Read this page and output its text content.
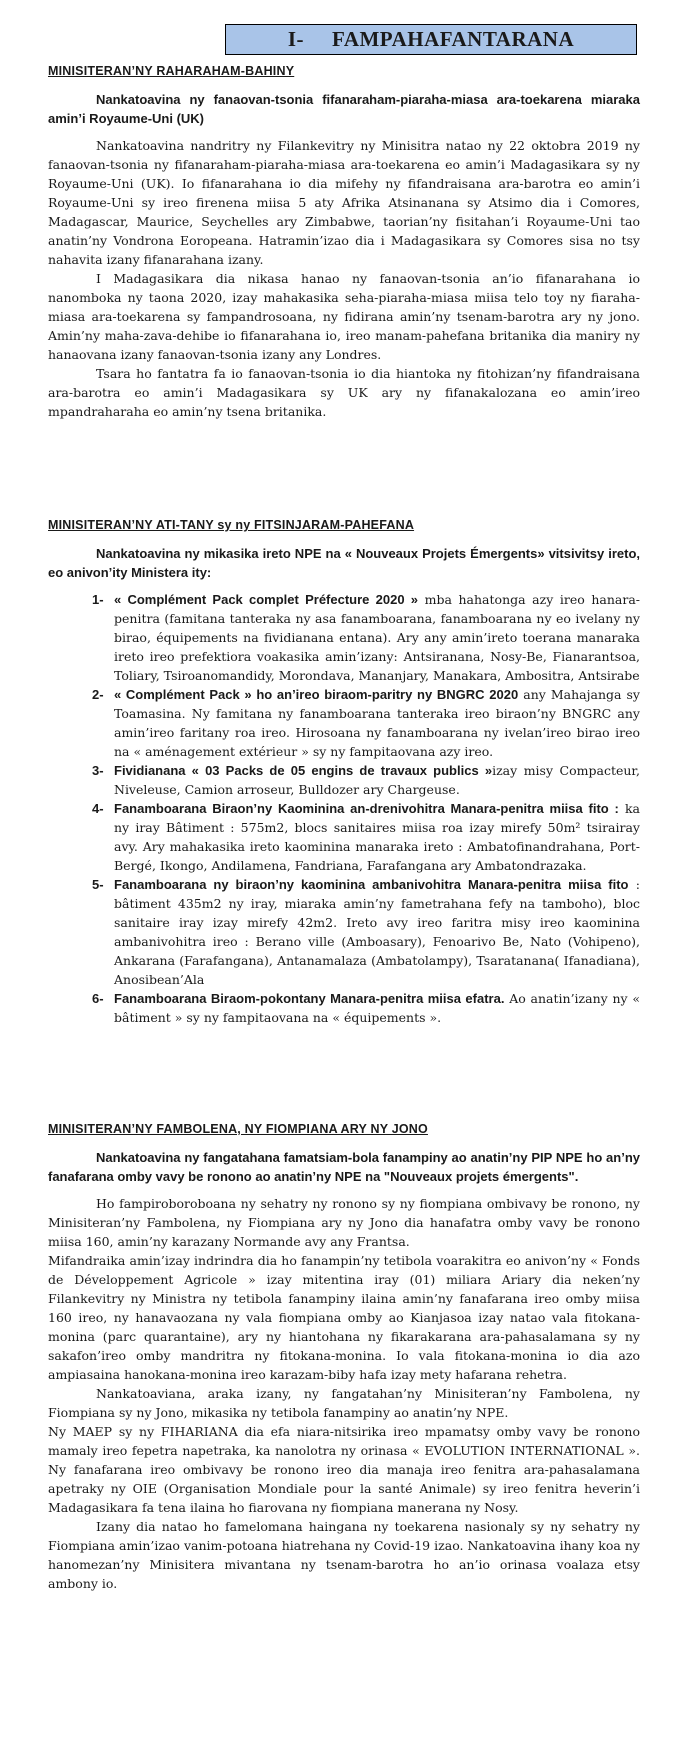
I- FAMPAHAFANTARANA
MINISITERAN’NY RAHARAHAM-BAHINY
Nankatoavina ny fanaovan-tsonia fifanaraham-piaraha-miasa ara-toekarena miaraka amin’i Royaume-Uni (UK)

Nankatoavina nandritry ny Filankevitry ny Minisitra natao ny 22 oktobra 2019 ny fanaovan-tsonia ny fifanaraham-piaraha-miasa ara-toekarena eo amin’i Madagasikara sy ny Royaume-Uni (UK). Io fifanarahana io dia mifehy ny fifandraisana ara-barotra eo amin’i Royaume-Uni sy ireo firenena miisa 5 aty Afrika Atsinanana sy Atsimo dia i Comores, Madagascar, Maurice, Seychelles ary Zimbabwe, taorian’ny fisitahan’i Royaume-Uni tao anatin’ny Vondrona Eoropeana. Hatramin’izao dia i Madagasikara sy Comores sisa no tsy nahavita izany fifanarahana izany.

I Madagasikara dia nikasa hanao ny fanaovan-tsonia an’io fifanarahana io nanomboka ny taona 2020, izay mahakasika seha-piaraha-miasa miisa telo toy ny fiaraha-miasa ara-toekarena sy fampandrosoana, ny fidirana amin’ny tsenam-barotra ary ny jono. Amin’ny maha-zava-dehibe io fifanarahana io, ireo manam-pahefana britanika dia maniry ny hanaovana izany fanaovan-tsonia izany any Londres.

Tsara ho fantatra fa io fanaovan-tsonia io dia hiantoka ny fitohizan’ny fifandraisana ara-barotra eo amin’i Madagasikara sy UK ary ny fifanakalozana eo amin’ireo mpandraharaha eo amin’ny tsena britanika.

MINISITERAN’NY ATI-TANY sy ny FITSINJARAM-PAHEFANA
Nankatoavina ny mikasika ireto NPE na « Nouveaux Projets Émergents» vitsivitsy ireto, eo anivon’ity Ministera ity:
1- « Complément Pack complet Préfecture 2020 » mba hahatonga azy ireo hanara-penitra (famitana tanteraka ny asa fanamboarana, fanamboarana ny eo ivelany ny birao, équipements na fividianana entana). Ary any amin’ireto toerana manaraka ireto ireo prefektiora voakasika amin’izany: Antsiranana, Nosy-Be, Fianarantsoa, Toliary, Tsiroanomandidy, Morondava, Mananjary, Manakara, Ambositra, Antsirabe
2- « Complément Pack » ho an’ireo biraom-paritry ny BNGRC 2020 any Mahajanga sy Toamasina. Ny famitana ny fanamboarana tanteraka ireo biraon’ny BNGRC any amin’ireo faritany roa ireo. Hirosoana ny fanamboarana ny ivelan’ireo birao ireo na « aménagement extérieur » sy ny fampitaovana azy ireo.
3- Fividianana « 03 Packs de 05 engins de travaux publics »izay misy Compacteur, Niveleuse, Camion arroseur, Bulldozer ary Chargeuse.
4- Fanamboarana Biraon’ny Kaominina an-drenivohitra Manara-penitra miisa fito : ka ny iray Bâtiment : 575m2, blocs sanitaires miisa roa izay mirefy 50m² tsirairay avy. Ary mahakasika ireto kaominina manaraka ireto : Ambatofinandrahana, Port-Bergé, Ikongo, Andilamena, Fandriana, Farafangana ary Ambatondrazaka.
5- Fanamboarana ny biraon’ny kaominina ambanivohitra Manara-penitra miisa fito : bâtiment 435m2 ny iray, miaraka amin’ny fametrahana fefy na tamboho), bloc sanitaire iray izay mirefy 42m2. Ireto avy ireo faritra misy ireo kaominina ambanivohitra ireo : Berano ville (Amboasary), Fenoarivo Be, Nato (Vohipeno), Ankarana (Farafangana), Antanamalaza (Ambatolampy), Tsaratanana( Ifanadiana), Anosibean’Ala
6- Fanamboarana Biraom-pokontany Manara-penitra miisa efatra. Ao anatin’izany ny « bâtiment » sy ny fampitaovana na « équipements ».
MINISITERAN’NY FAMBOLENA, NY FIOMPIANA ARY NY JONO
Nankatoavina ny fangatahana famatsiam-bola fanampiny ao anatin’ny PIP NPE ho an’ny fanafarana omby vavy be ronono ao anatin’ny NPE na "Nouveaux projets émergents".

Ho fampiroboroboana ny sehatry ny ronono sy ny fiompiana ombivavy be ronono, ny Minisiteran’ny Fambolena, ny Fiompiana ary ny Jono dia hanafatra omby vavy be ronono miisa 160, amin’ny karazany Normande avy any Frantsa.

Mifandraika amin’izay indrindra dia ho fanampin’ny tetibola voarakitra eo anivon’ny « Fonds de Développement Agricole » izay mitentina iray (01) miliara Ariary dia neken’ny Filankevitry ny Ministra ny tetibola fanampiny ilaina amin’ny fanafarana ireo omby miisa 160 ireo, ny hanavaozana ny vala fiompiana omby ao Kianjasoa izay natao vala fitokana-monina (parc quarantaine), ary ny hiantohana ny fikarakarana ara-pahasalamana sy ny sakafon’ireo omby mandritra ny fitokana-monina. Io vala fitokana-monina io dia azo ampiasaina hanokana-monina ireo karazam-biby hafa izay mety hafarana rehetra.

Nankatoaviana, araka izany, ny fangatahan’ny Minisiteran’ny Fambolena, ny Fiompiana sy ny Jono, mikasika ny tetibola fanampiny ao anatin’ny NPE.

Ny MAEP sy ny FIHARIANA dia efa niara-nitsirika ireo mpamatsy omby vavy be ronono mamaly ireo fepetra napetraka, ka nanolotra ny orinasa « EVOLUTION INTERNATIONAL ». Ny fanafarana ireo ombivavy be ronono ireo dia manaja ireo fenitra ara-pahasalamana apetraky ny OIE (Organisation Mondiale pour la santé Animale) sy ireo fenitra heverin’i Madagasikara fa tena ilaina ho fiarovana ny fiompiana manerana ny Nosy.

Izany dia natao ho famelomana haingana ny toekarena nasionaly sy ny sehatry ny Fiompiana amin’izao vanim-potoana hiatrehana ny Covid-19 izao. Nankatoavina ihany koa ny hanomezan’ny Minisitera mivantana ny tsenam-barotra ho an’io orinasa voalaza etsy ambony io.
